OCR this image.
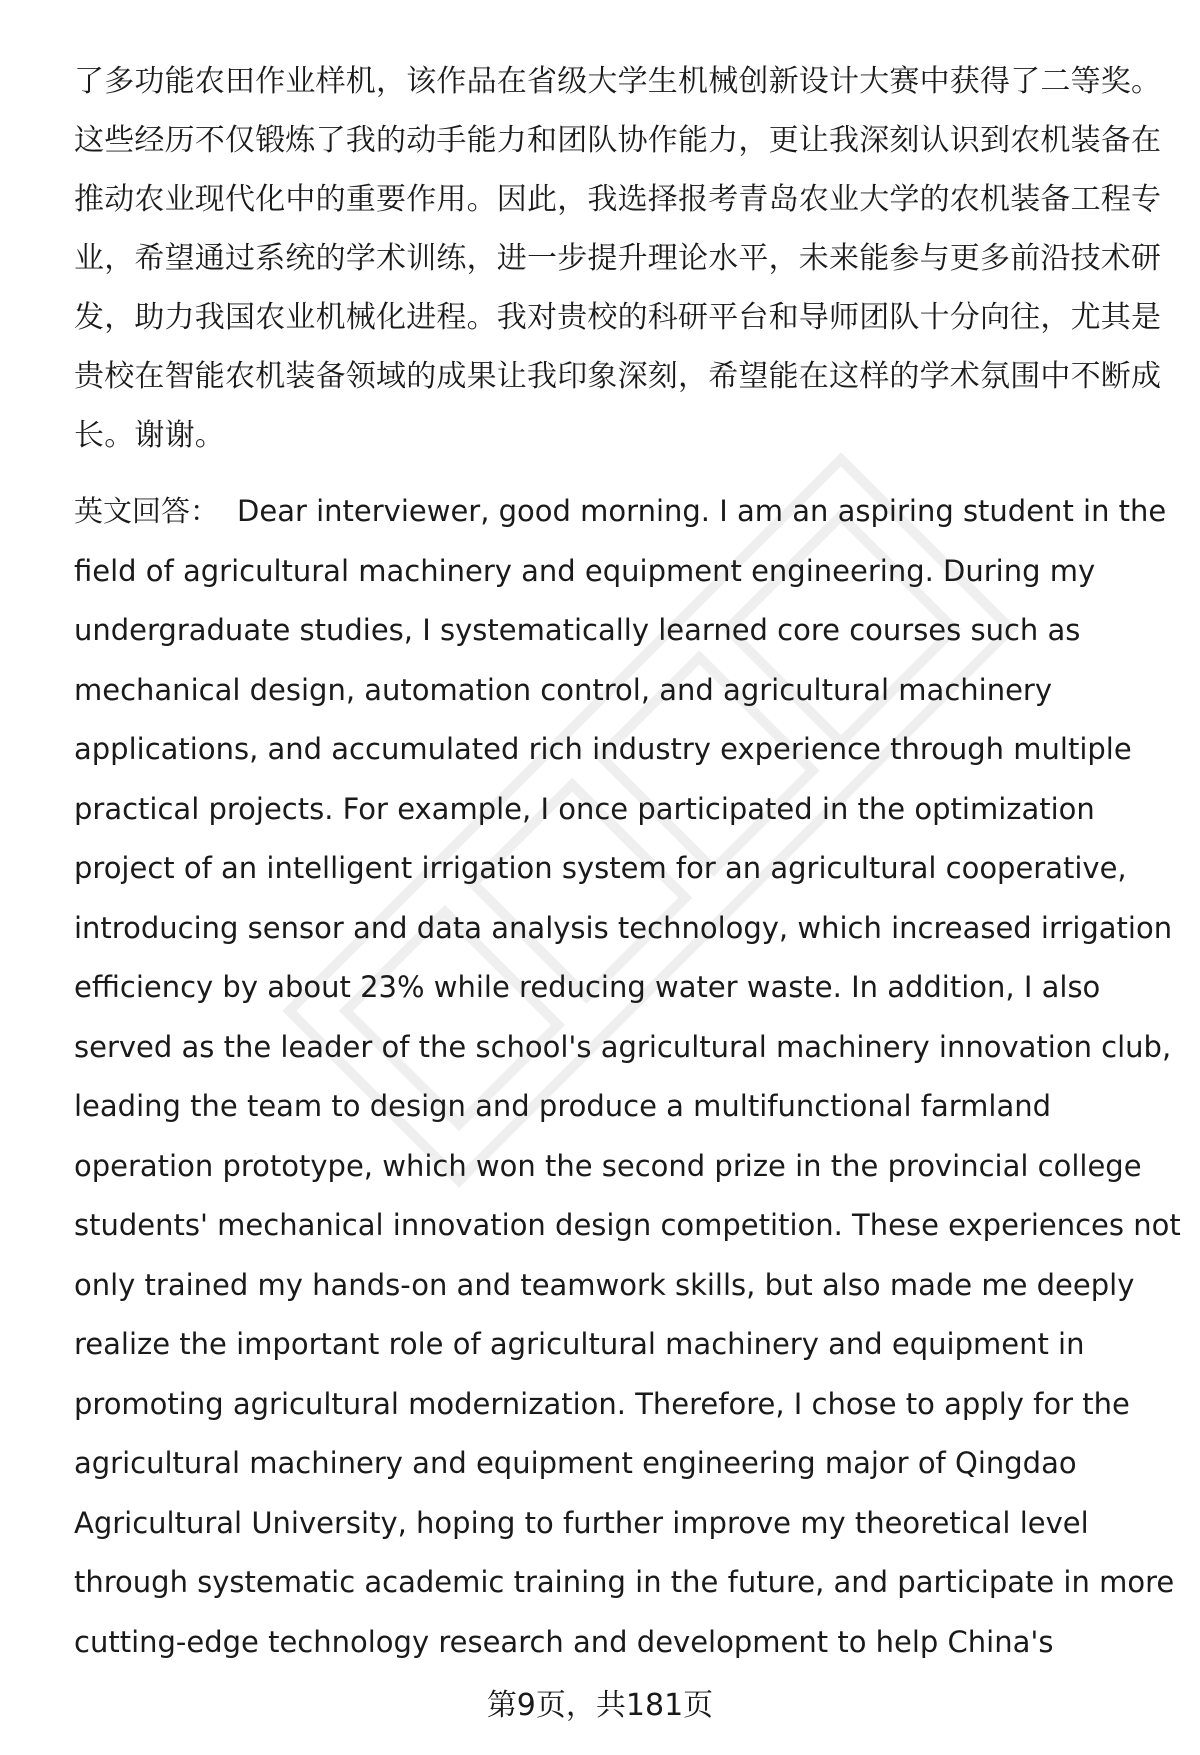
了多功能农田作业样机，该作品在省级大学生机械创新设计大赛中获得了二等奖。
这些经历不仅锻炼了我的动手能力和团队协作能力，更让我深刻认识到农机装备在
推动农业现代化中的重要作用。因此，我选择报考青岛农业大学的农机装备工程专
业，希望通过系统的学术训练，进一步提升理论水平，未来能参与更多前沿技术研
发，助力我国农业机械化进程。我对贵校的科研平台和导师团队十分向往，尤其是
贵校在智能农机装备领域的成果让我印象深刻，希望能在这样的学术氛围中不断成
长。谢谢。
英文回答： Dear interviewer, good morning. I am an aspiring student in the
field of agricultural machinery and equipment engineering. During my
undergraduate studies, I systematically learned core courses such as
mechanical design, automation control, and agricultural machinery
applications, and accumulated rich industry experience through multiple
practical projects. For example, I once participated in the optimization
project of an intelligent irrigation system for an agricultural cooperative,
introducing sensor and data analysis technology, which increased irrigation
efficiency by about 23% while reducing water waste. In addition, I also
served as the leader of the school's agricultural machinery innovation club,
leading the team to design and produce a multifunctional farmland
operation prototype, which won the second prize in the provincial college
students' mechanical innovation design competition. These experiences not
only trained my hands-on and teamwork skills, but also made me deeply
realize the important role of agricultural machinery and equipment in
promoting agricultural modernization. Therefore, I chose to apply for the
agricultural machinery and equipment engineering major of Qingdao
Agricultural University, hoping to further improve my theoretical level
through systematic academic training in the future, and participate in more
cutting-edge technology research and development to help China's
第9页，共181页
